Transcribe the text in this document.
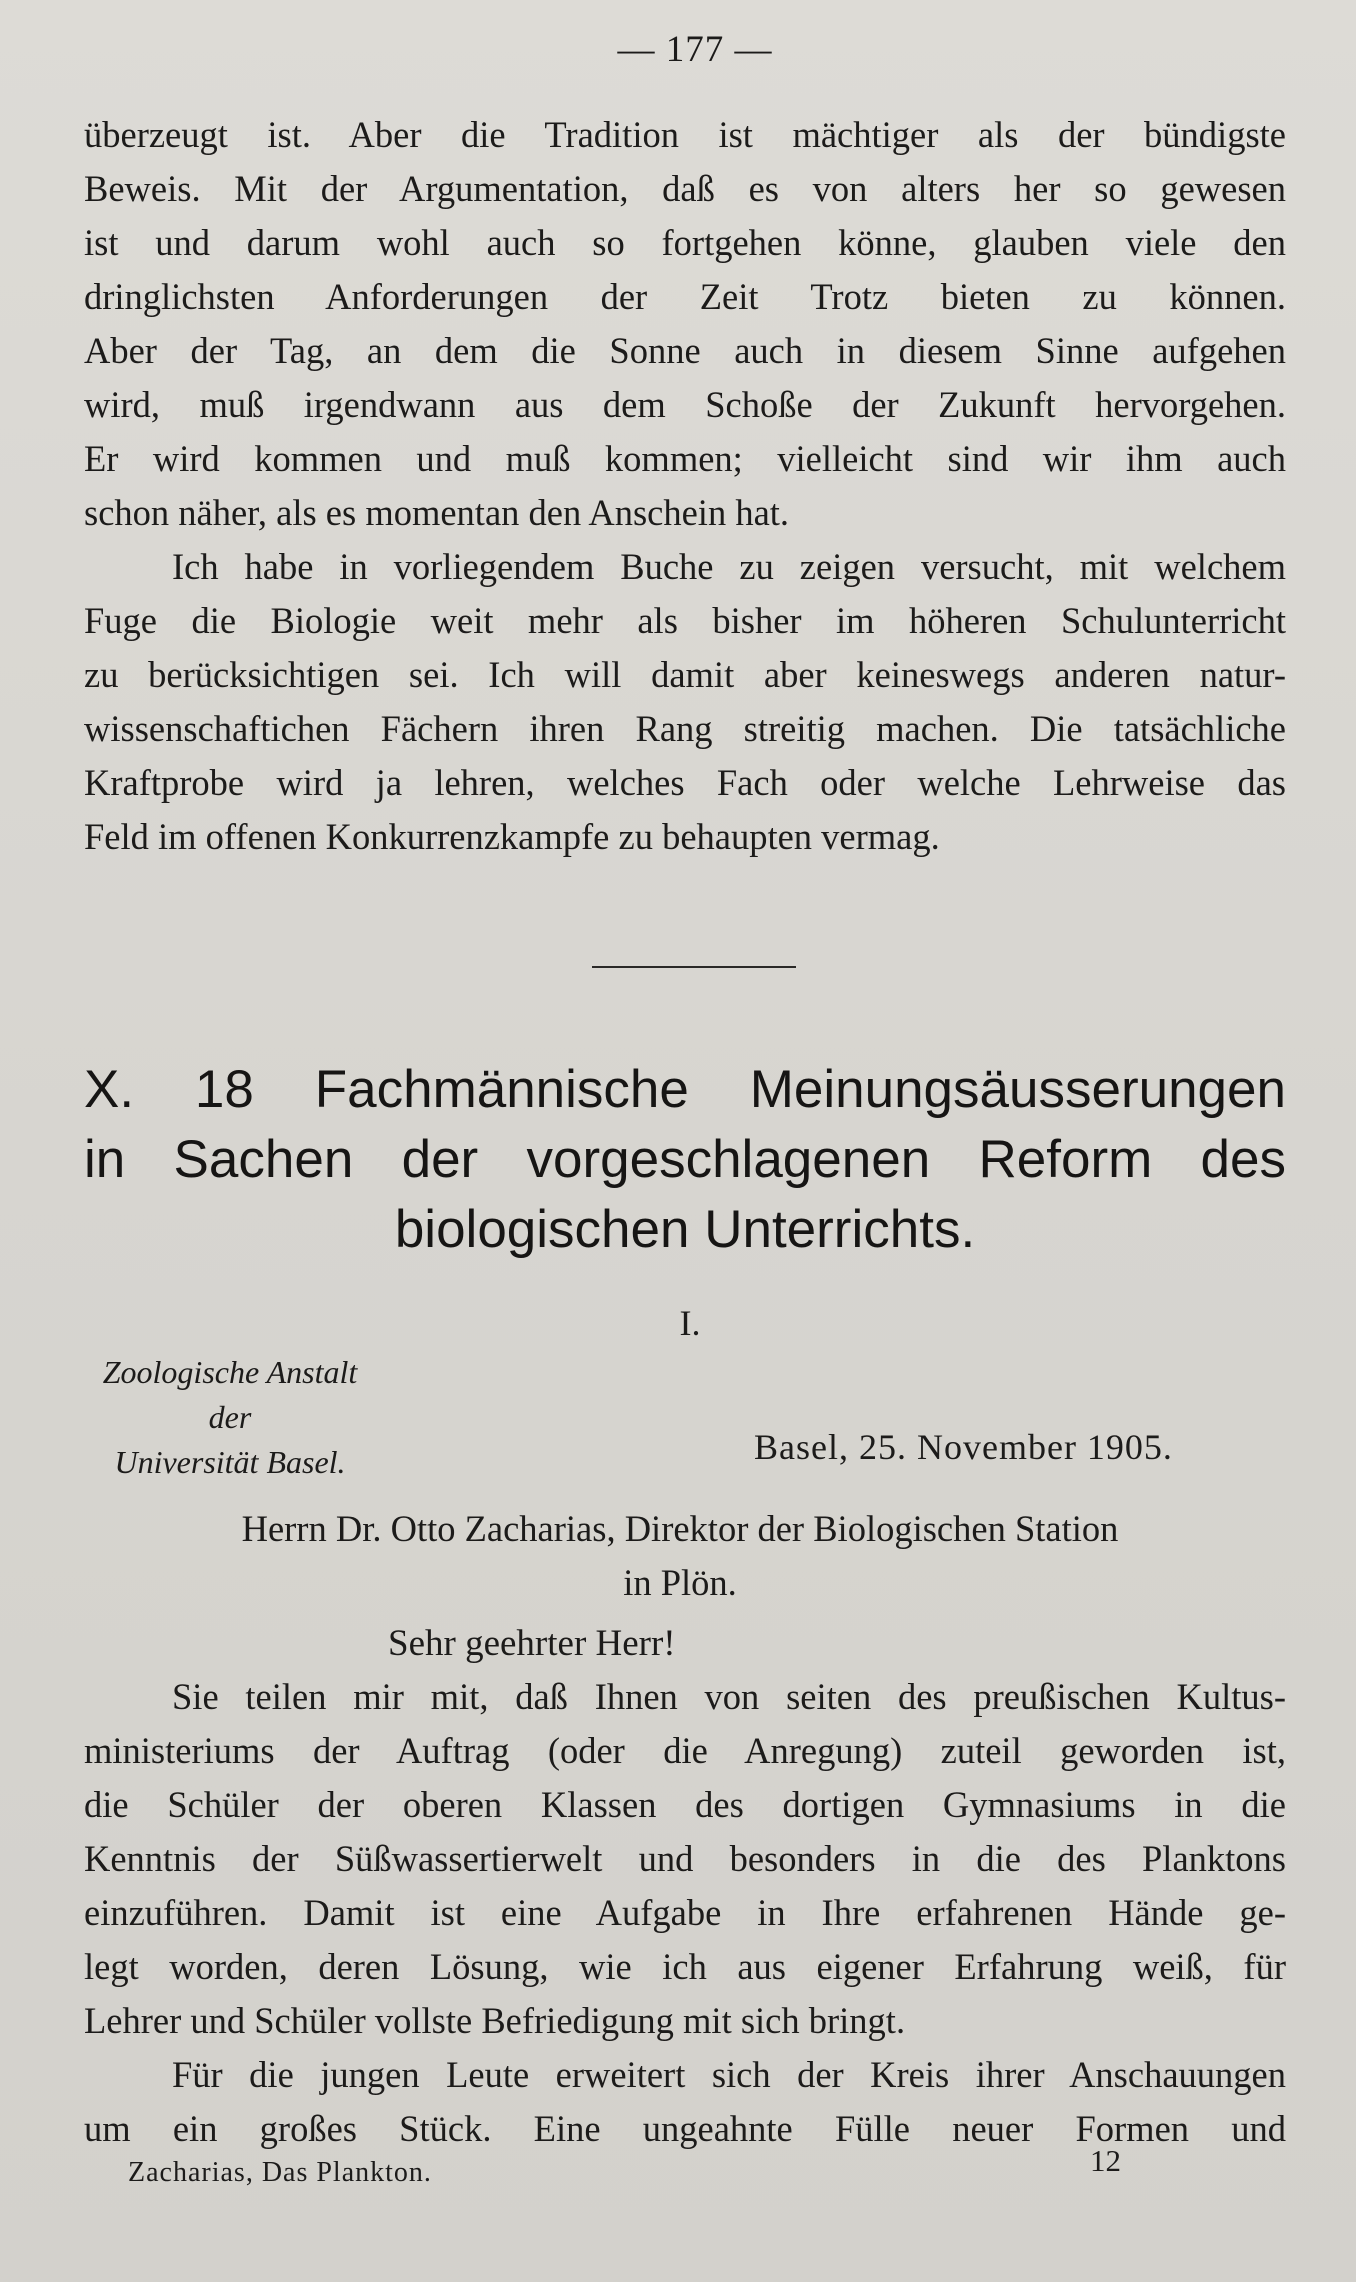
— 177 —
überzeugt ist. Aber die Tradition ist mächtiger als der bündigste
Beweis. Mit der Argumentation, daß es von alters her so gewesen
ist und darum wohl auch so fortgehen könne, glauben viele den
dringlichsten Anforderungen der Zeit Trotz bieten zu können.
Aber der Tag, an dem die Sonne auch in diesem Sinne aufgehen
wird, muß irgendwann aus dem Schoße der Zukunft hervorgehen.
Er wird kommen und muß kommen; vielleicht sind wir ihm auch
schon näher, als es momentan den Anschein hat.
Ich habe in vorliegendem Buche zu zeigen versucht, mit welchem
Fuge die Biologie weit mehr als bisher im höheren Schulunterricht
zu berücksichtigen sei. Ich will damit aber keineswegs anderen natur-
wissenschaftichen Fächern ihren Rang streitig machen. Die tatsächliche
Kraftprobe wird ja lehren, welches Fach oder welche Lehrweise das
Feld im offenen Konkurrenzkampfe zu behaupten vermag.
X. 18 Fachmännische Meinungsäusserungen
in Sachen der vorgeschlagenen Reform des
biologischen Unterrichts.
I.
Zoologische Anstalt
der
Universität Basel.	Basel, 25. November 1905.
Herrn Dr. Otto Zacharias, Direktor der Biologischen Station
in Plön.
Sehr geehrter Herr!
Sie teilen mir mit, daß Ihnen von seiten des preußischen Kultus-
ministeriums der Auftrag (oder die Anregung) zuteil geworden ist,
die Schüler der oberen Klassen des dortigen Gymnasiums in die
Kenntnis der Süßwassertierwelt und besonders in die des Planktons
einzuführen. Damit ist eine Aufgabe in Ihre erfahrenen Hände ge-
legt worden, deren Lösung, wie ich aus eigener Erfahrung weiß, für
Lehrer und Schüler vollste Befriedigung mit sich bringt.
Für die jungen Leute erweitert sich der Kreis ihrer Anschauungen
um ein großes Stück. Eine ungeahnte Fülle neuer Formen und
Zacharias, Das Plankton.	12
